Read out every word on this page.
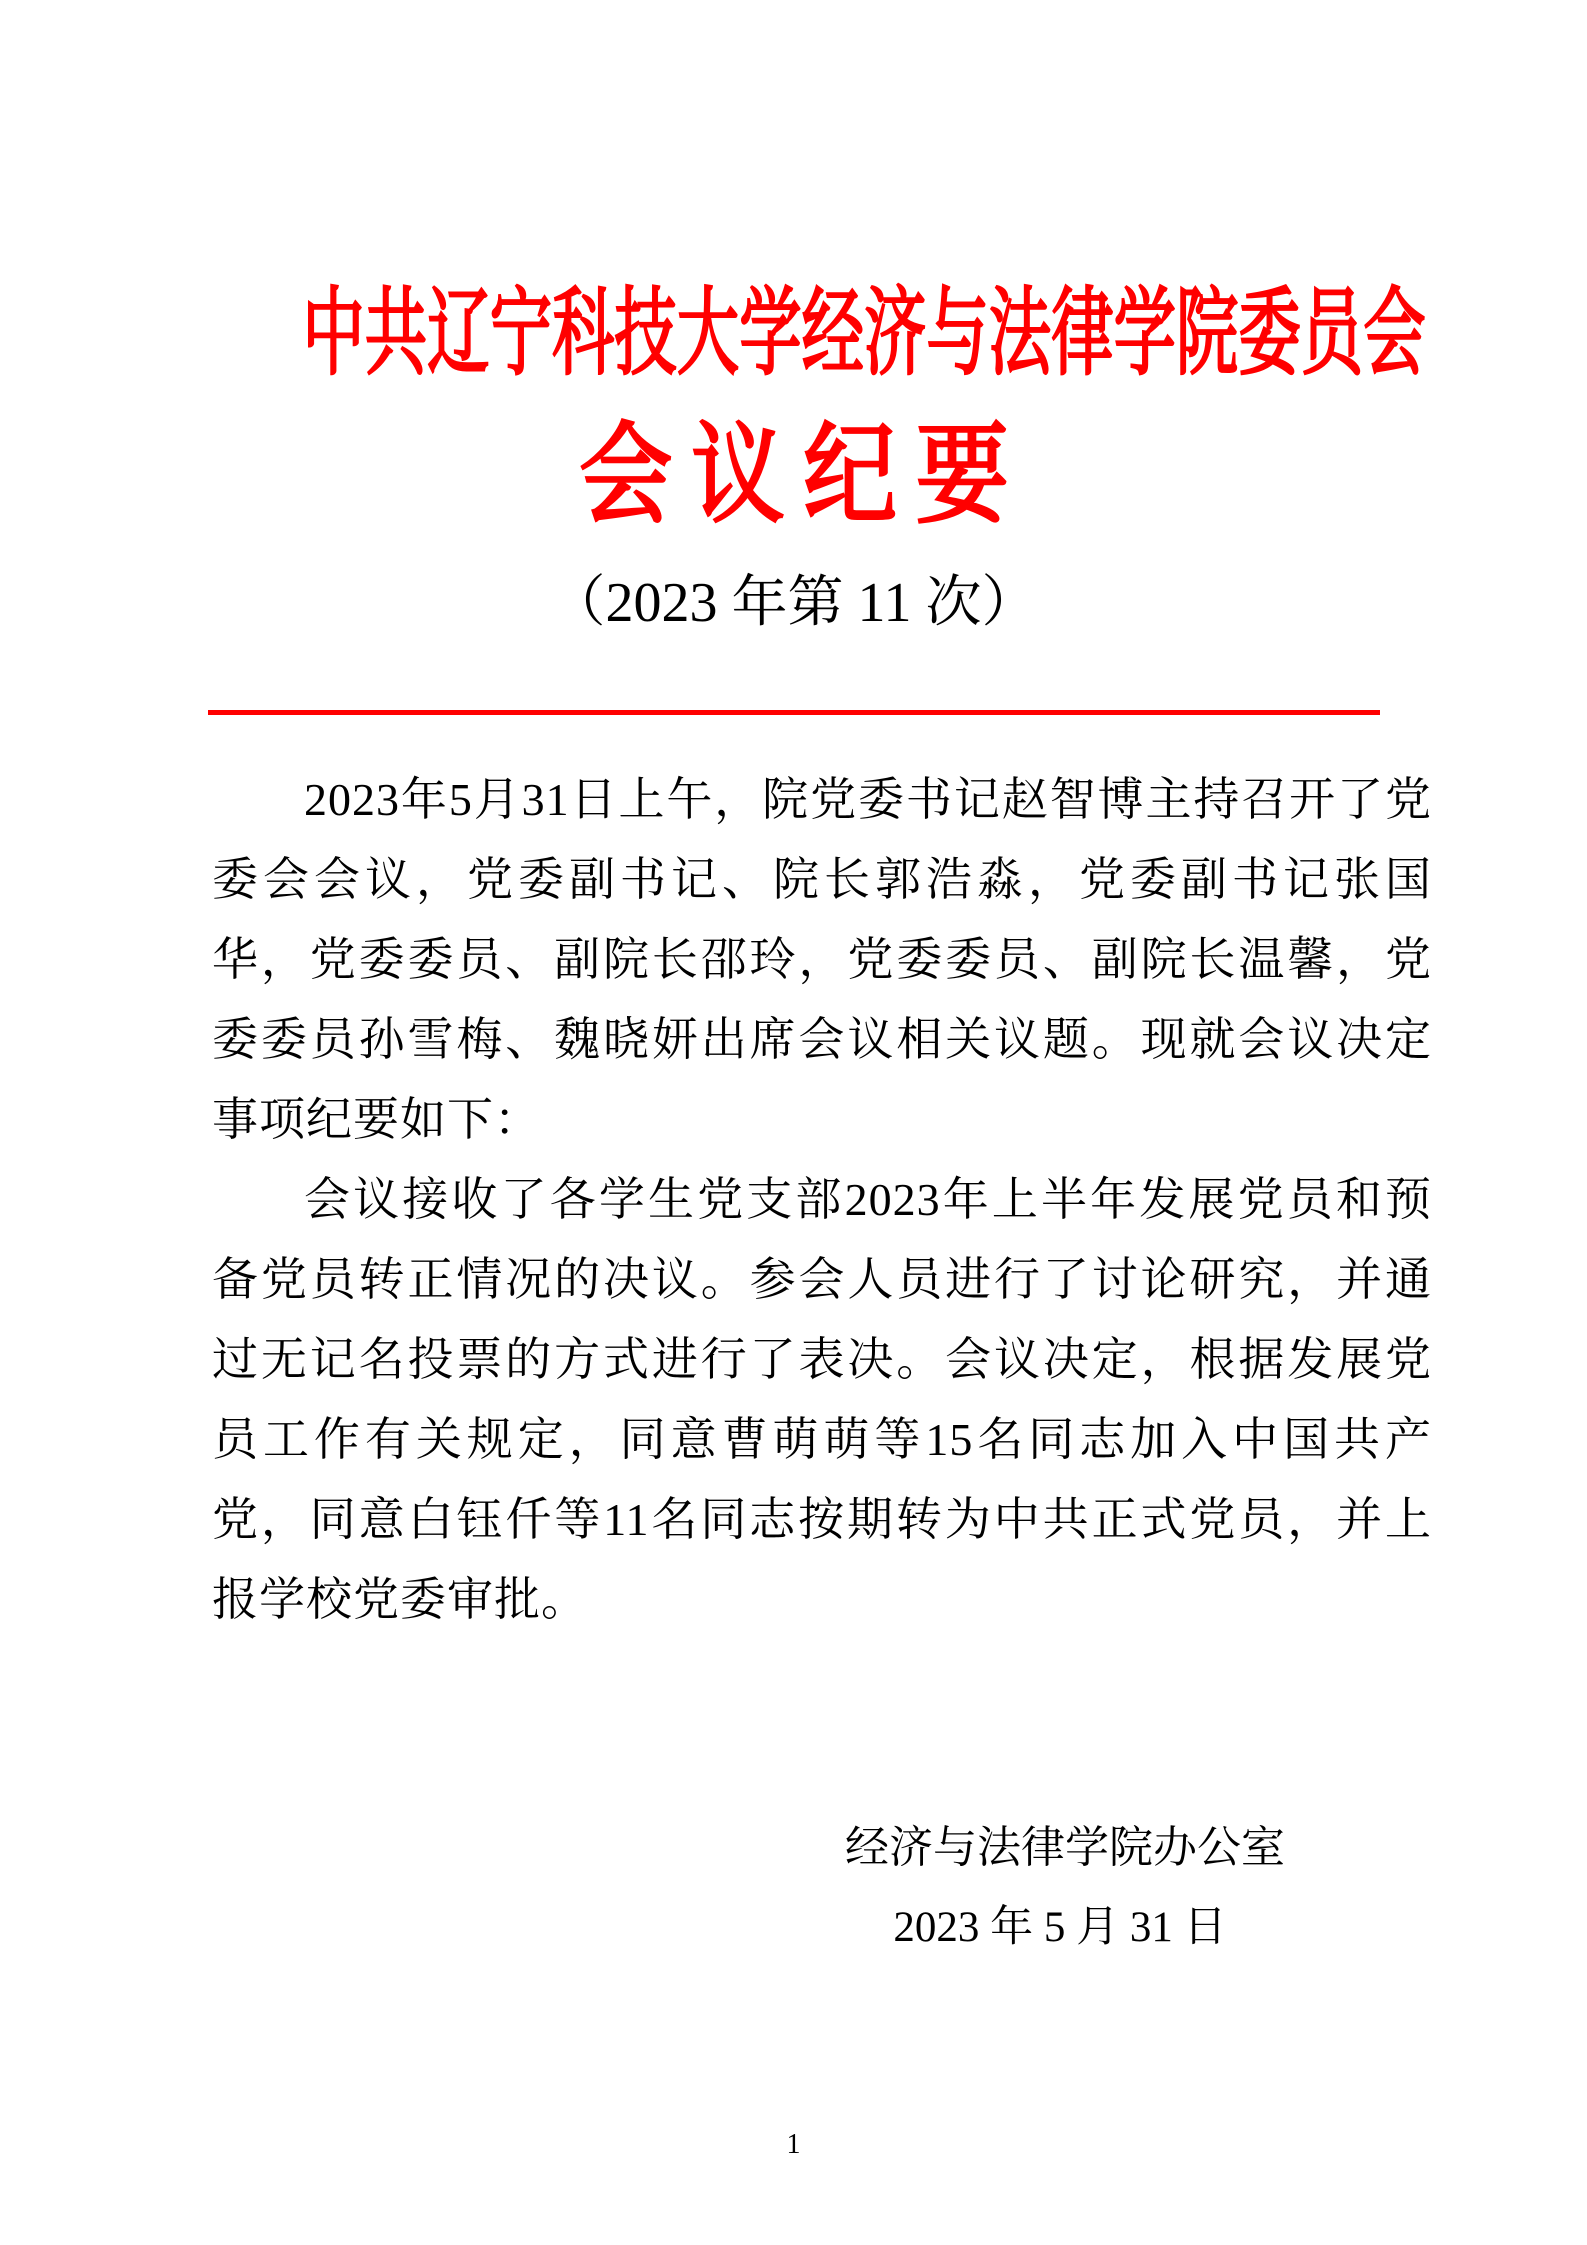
中共辽宁科技大学经济与法律学院委员会
会议纪要
（2023 年第 11 次）

2023年5月31日上午，院党委书记赵智博主持召开了党委会会议，党委副书记、院长郭浩淼，党委副书记张国华，党委委员、副院长邵玲，党委委员、副院长温馨，党委委员孙雪梅、魏晓妍出席会议相关议题。现就会议决定事项纪要如下：

会议接收了各学生党支部2023年上半年发展党员和预备党员转正情况的决议。参会人员进行了讨论研究，并通过无记名投票的方式进行了表决。会议决定，根据发展党员工作有关规定，同意曹萌萌等15名同志加入中国共产党，同意白钰仟等11名同志按期转为中共正式党员，并上报学校党委审批。

经济与法律学院办公室
2023 年 5 月 31 日
1
